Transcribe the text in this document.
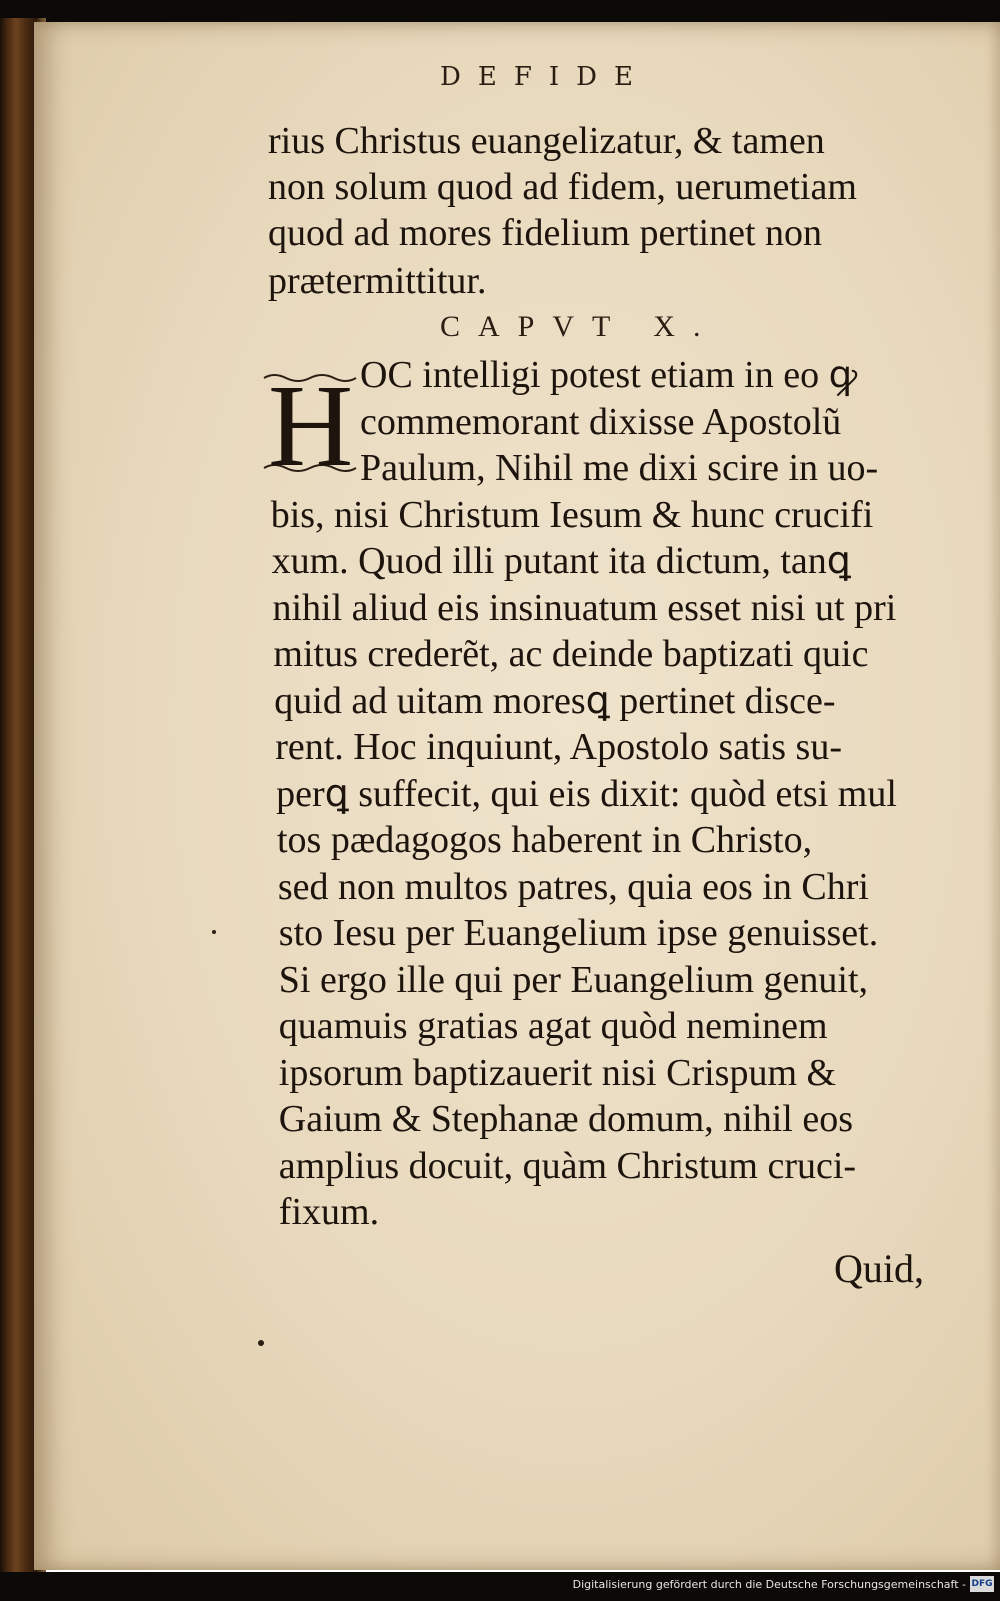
DEFIDE
rius Christus euangelizatur, & tamen
non solum quod ad fidem, uerumetiam
quod ad mores fidelium pertinet non
prætermittitur.
CAPVT X.
H OC intelligi potest etiam in eo ꝙ
commemorant dixisse Apostolũ
Paulum, Nihil me dixi scire in uo-
bis, nisi Christum Iesum & hunc crucifi
xum. Quod illi putant ita dictum, tanꝗ
nihil aliud eis insinuatum esset nisi ut pri
mitus crederẽt, ac deinde baptizati quic
quid ad uitam moresꝗ pertinet disce-
rent. Hoc inquiunt, Apostolo satis su-
perꝗ suffecit, qui eis dixit: quòd etsi mul
tos pædagogos haberent in Christo,
sed non multos patres, quia eos in Chri
sto Iesu per Euangelium ipse genuisset.
Si ergo ille qui per Euangelium genuit,
quamuis gratias agat quòd neminem
ipsorum baptizauerit nisi Crispum &
Gaium & Stephanæ domum, nihil eos
amplius docuit, quàm Christum cruci-
fixum.
Quid,
Digitalisierung gefördert durch die Deutsche Forschungsgemeinschaft - DFG
